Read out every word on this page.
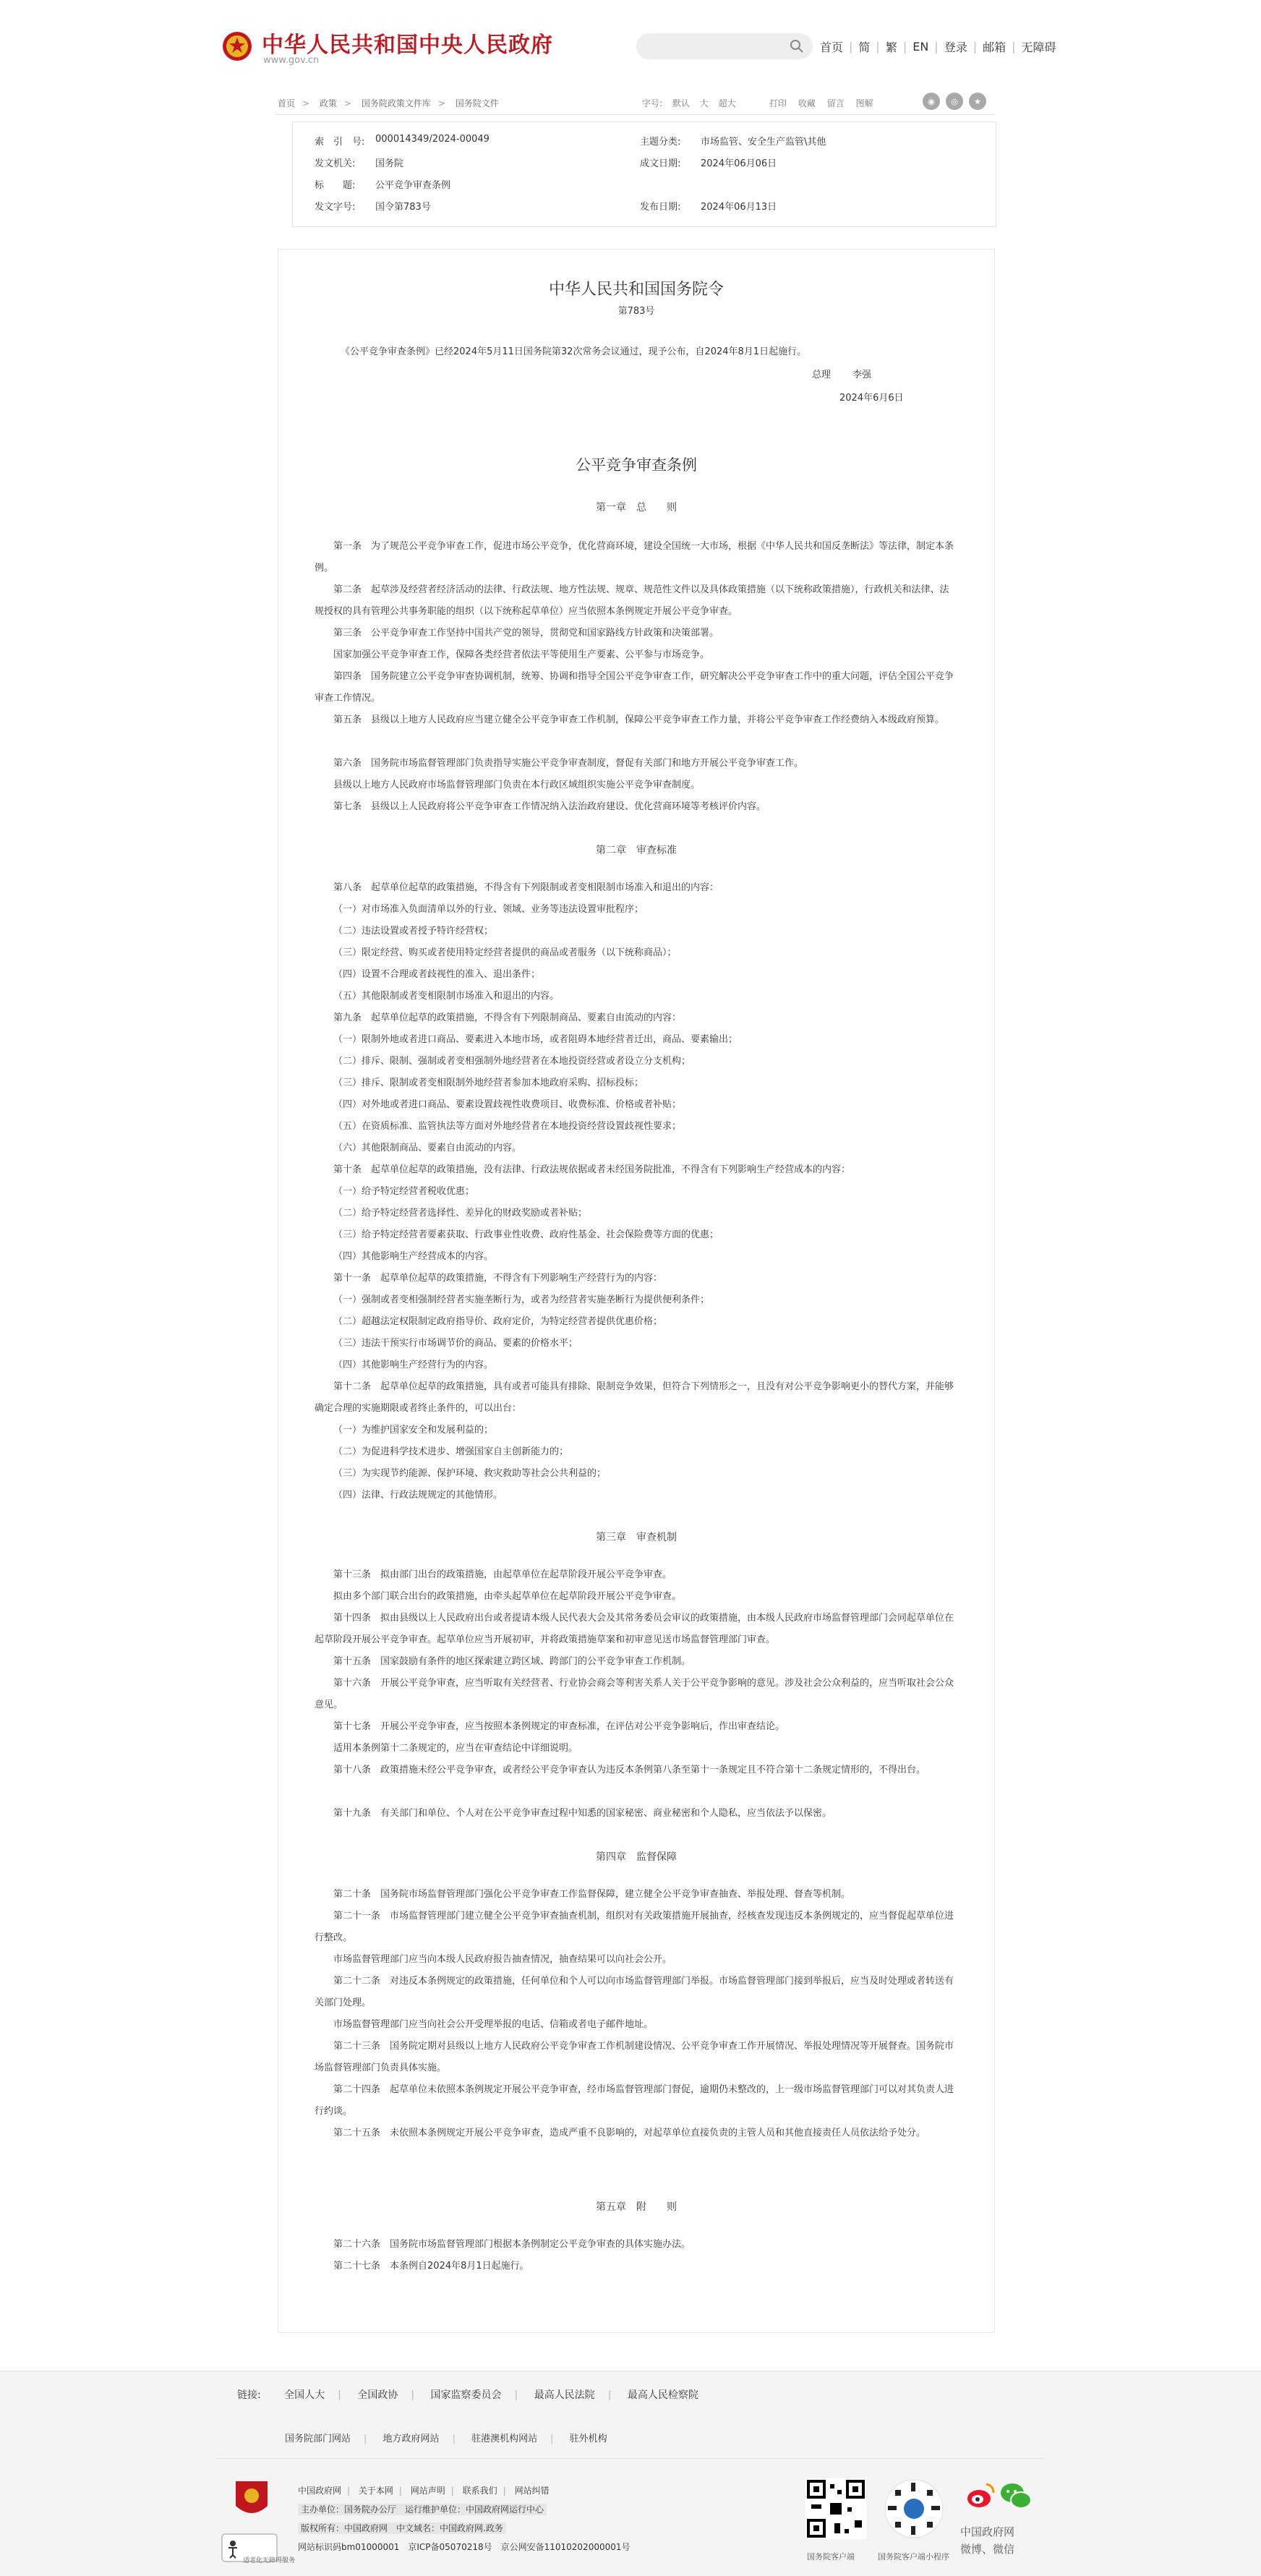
中华人民共和国中央人民政府
www.gov.cn
首页 | 简 | 繁 | EN | 登录 | 邮箱 | 无障碍
首页 > 政策 > 国务院政策文件库 > 国务院文件	字号: 默认 大 超大	打印 收藏 留言 图解	◉	◎	★
索　引　号:	000014349/2024-00049	主题分类:	市场监管、安全生产监管\其他
发文机关:	国务院	成文日期:	2024年06月06日
标　　题:	公平竞争审查条例
发文字号:	国令第783号	发布日期:	2024年06月13日
中华人民共和国国务院令
第783号
《公平竞争审查条例》已经2024年5月11日国务院第32次常务会议通过，现予公布，自2024年8月1日起施行。
总理 李强
2024年6月6日
公平竞争审查条例
第一章　总　　则
第一条　为了规范公平竞争审查工作，促进市场公平竞争，优化营商环境，建设全国统一大市场，根据《中华人民共和国反垄断法》等法律，制定本条例。
第二条　起草涉及经营者经济活动的法律、行政法规、地方性法规、规章、规范性文件以及具体政策措施（以下统称政策措施），行政机关和法律、法规授权的具有管理公共事务职能的组织（以下统称起草单位）应当依照本条例规定开展公平竞争审查。
第三条　公平竞争审查工作坚持中国共产党的领导，贯彻党和国家路线方针政策和决策部署。
国家加强公平竞争审查工作，保障各类经营者依法平等使用生产要素、公平参与市场竞争。
第四条　国务院建立公平竞争审查协调机制，统筹、协调和指导全国公平竞争审查工作，研究解决公平竞争审查工作中的重大问题，评估全国公平竞争审查工作情况。
第五条　县级以上地方人民政府应当建立健全公平竞争审查工作机制，保障公平竞争审查工作力量，并将公平竞争审查工作经费纳入本级政府预算。
第六条　国务院市场监督管理部门负责指导实施公平竞争审查制度，督促有关部门和地方开展公平竞争审查工作。
县级以上地方人民政府市场监督管理部门负责在本行政区域组织实施公平竞争审查制度。
第七条　县级以上人民政府将公平竞争审查工作情况纳入法治政府建设、优化营商环境等考核评价内容。
第二章　审查标准
第八条　起草单位起草的政策措施，不得含有下列限制或者变相限制市场准入和退出的内容：
（一）对市场准入负面清单以外的行业、领域、业务等违法设置审批程序；
（二）违法设置或者授予特许经营权；
（三）限定经营、购买或者使用特定经营者提供的商品或者服务（以下统称商品）；
（四）设置不合理或者歧视性的准入、退出条件；
（五）其他限制或者变相限制市场准入和退出的内容。
第九条　起草单位起草的政策措施，不得含有下列限制商品、要素自由流动的内容：
（一）限制外地或者进口商品、要素进入本地市场，或者阻碍本地经营者迁出，商品、要素输出；
（二）排斥、限制、强制或者变相强制外地经营者在本地投资经营或者设立分支机构；
（三）排斥、限制或者变相限制外地经营者参加本地政府采购、招标投标；
（四）对外地或者进口商品、要素设置歧视性收费项目、收费标准、价格或者补贴；
（五）在资质标准、监管执法等方面对外地经营者在本地投资经营设置歧视性要求；
（六）其他限制商品、要素自由流动的内容。
第十条　起草单位起草的政策措施，没有法律、行政法规依据或者未经国务院批准，不得含有下列影响生产经营成本的内容：
（一）给予特定经营者税收优惠；
（二）给予特定经营者选择性、差异化的财政奖励或者补贴；
（三）给予特定经营者要素获取、行政事业性收费、政府性基金、社会保险费等方面的优惠；
（四）其他影响生产经营成本的内容。
第十一条　起草单位起草的政策措施，不得含有下列影响生产经营行为的内容：
（一）强制或者变相强制经营者实施垄断行为，或者为经营者实施垄断行为提供便利条件；
（二）超越法定权限制定政府指导价、政府定价，为特定经营者提供优惠价格；
（三）违法干预实行市场调节价的商品、要素的价格水平；
（四）其他影响生产经营行为的内容。
第十二条　起草单位起草的政策措施，具有或者可能具有排除、限制竞争效果，但符合下列情形之一，且没有对公平竞争影响更小的替代方案，并能够确定合理的实施期限或者终止条件的，可以出台：
（一）为维护国家安全和发展利益的；
（二）为促进科学技术进步、增强国家自主创新能力的；
（三）为实现节约能源、保护环境、救灾救助等社会公共利益的；
（四）法律、行政法规规定的其他情形。
第三章　审查机制
第十三条　拟由部门出台的政策措施，由起草单位在起草阶段开展公平竞争审查。
拟由多个部门联合出台的政策措施，由牵头起草单位在起草阶段开展公平竞争审查。
第十四条　拟由县级以上人民政府出台或者提请本级人民代表大会及其常务委员会审议的政策措施，由本级人民政府市场监督管理部门会同起草单位在起草阶段开展公平竞争审查。起草单位应当开展初审，并将政策措施草案和初审意见送市场监督管理部门审查。
第十五条　国家鼓励有条件的地区探索建立跨区域、跨部门的公平竞争审查工作机制。
第十六条　开展公平竞争审查，应当听取有关经营者、行业协会商会等利害关系人关于公平竞争影响的意见。涉及社会公众利益的，应当听取社会公众意见。
第十七条　开展公平竞争审查，应当按照本条例规定的审查标准，在评估对公平竞争影响后，作出审查结论。
适用本条例第十二条规定的，应当在审查结论中详细说明。
第十八条　政策措施未经公平竞争审查，或者经公平竞争审查认为违反本条例第八条至第十一条规定且不符合第十二条规定情形的，不得出台。
第十九条　有关部门和单位、个人对在公平竞争审查过程中知悉的国家秘密、商业秘密和个人隐私，应当依法予以保密。
第四章　监督保障
第二十条　国务院市场监督管理部门强化公平竞争审查工作监督保障，建立健全公平竞争审查抽查、举报处理、督查等机制。
第二十一条　市场监督管理部门建立健全公平竞争审查抽查机制，组织对有关政策措施开展抽查，经核查发现违反本条例规定的，应当督促起草单位进行整改。
市场监督管理部门应当向本级人民政府报告抽查情况，抽查结果可以向社会公开。
第二十二条　对违反本条例规定的政策措施，任何单位和个人可以向市场监督管理部门举报。市场监督管理部门接到举报后，应当及时处理或者转送有关部门处理。
市场监督管理部门应当向社会公开受理举报的电话、信箱或者电子邮件地址。
第二十三条　国务院定期对县级以上地方人民政府公平竞争审查工作机制建设情况、公平竞争审查工作开展情况、举报处理情况等开展督查。国务院市场监督管理部门负责具体实施。
第二十四条　起草单位未依照本条例规定开展公平竞争审查，经市场监督管理部门督促，逾期仍未整改的，上一级市场监督管理部门可以对其负责人进行约谈。
第二十五条　未依照本条例规定开展公平竞争审查，造成严重不良影响的，对起草单位直接负责的主管人员和其他直接责任人员依法给予处分。
第五章　附　　则
第二十六条　国务院市场监督管理部门根据本条例制定公平竞争审查的具体实施办法。
第二十七条　本条例自2024年8月1日起施行。
链接: 全国人大 | 全国政协 | 国家监察委员会 | 最高人民法院 | 最高人民检察院
国务院部门网站 | 地方政府网站 | 驻港澳机构网站 | 驻外机构
适老化无障碍服务
中国政府网 | 关于本网 | 网站声明 | 联系我们 | 网站纠错
主办单位：国务院办公厅　运行维护单位：中国政府网运行中心
版权所有：中国政府网　中文域名：中国政府网.政务
网站标识码bm01000001　京ICP备05070218号　京公网安备11010202000001号
国务院客户端	国务院客户端小程序
中国政府网
微博、微信
